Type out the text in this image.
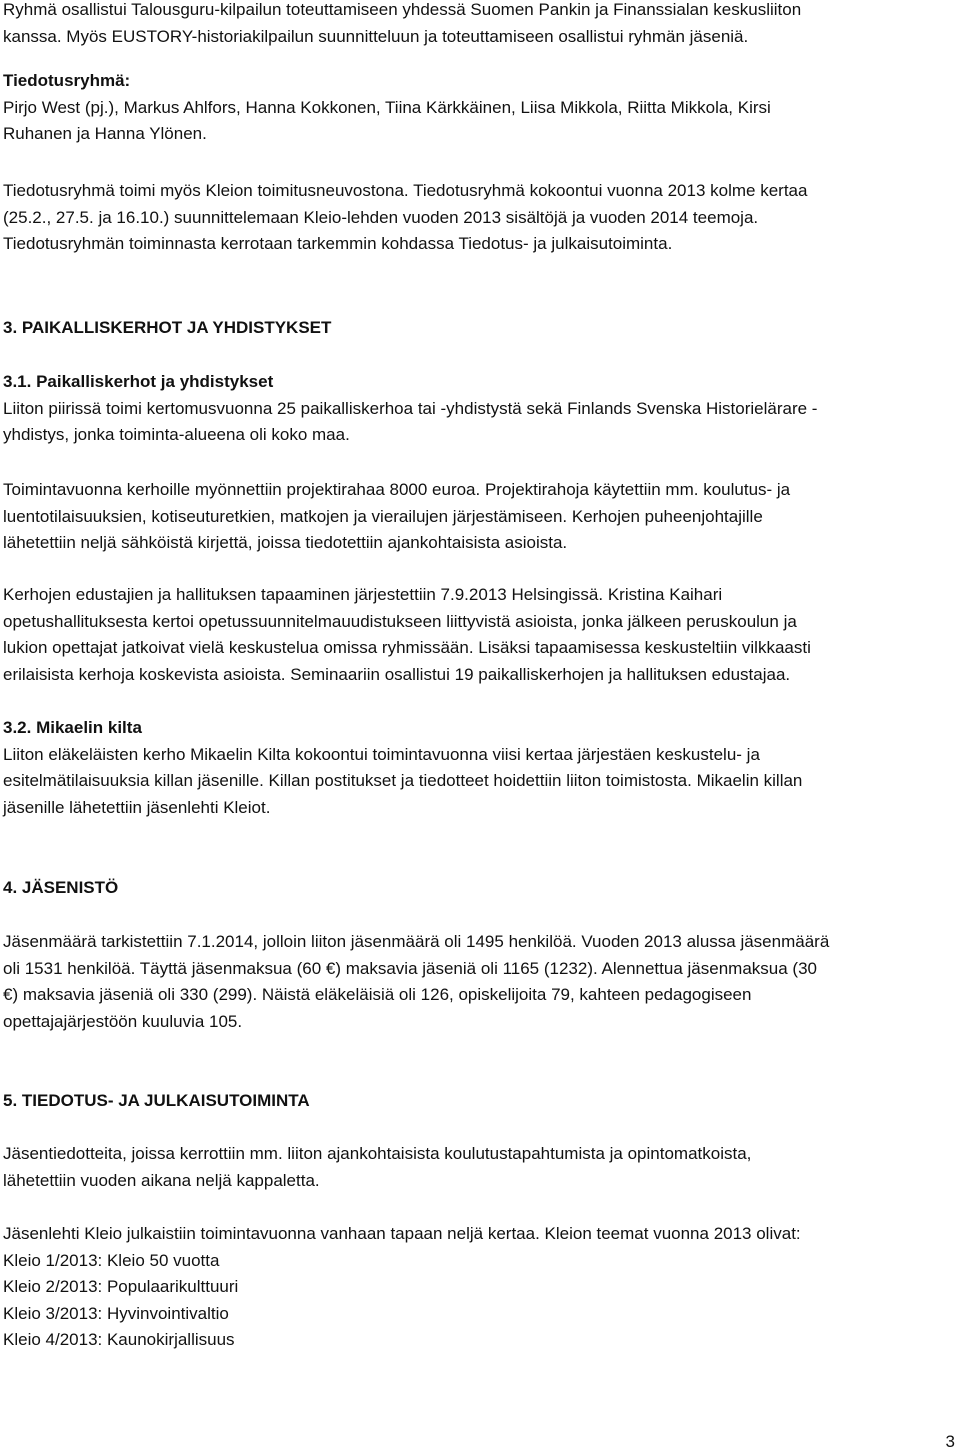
Ryhmä osallistui Talousguru-kilpailun toteuttamiseen yhdessä Suomen Pankin ja Finanssialan keskusliiton

kanssa. Myös EUSTORY-historiakilpailun suunnitteluun ja toteuttamiseen osallistui ryhmän jäseniä.

Tiedotusryhmä:

Pirjo West (pj.), Markus Ahlfors, Hanna Kokkonen, Tiina Kärkkäinen, Liisa Mikkola, Riitta Mikkola, Kirsi

Ruhanen ja Hanna Ylönen.

Tiedotusryhmä toimi myös Kleion toimitusneuvostona. Tiedotusryhmä kokoontui vuonna 2013 kolme kertaa

(25.2., 27.5. ja 16.10.) suunnittelemaan Kleio-lehden vuoden 2013 sisältöjä ja vuoden 2014 teemoja.

Tiedotusryhmän toiminnasta kerrotaan tarkemmin kohdassa Tiedotus- ja julkaisutoiminta.

3. PAIKALLISKERHOT JA YHDISTYKSET

3.1. Paikalliskerhot ja yhdistykset

Liiton piirissä toimi kertomusvuonna 25 paikalliskerhoa tai -yhdistystä sekä Finlands Svenska Historielärare -

yhdistys, jonka toiminta-alueena oli koko maa.

Toimintavuonna kerhoille myönnettiin projektirahaa 8000 euroa. Projektirahoja käytettiin mm. koulutus- ja

luentotilaisuuksien, kotiseuturetkien, matkojen ja vierailujen järjestämiseen. Kerhojen puheenjohtajille

lähetettiin neljä sähköistä kirjettä, joissa tiedotettiin ajankohtaisista asioista.

Kerhojen edustajien ja hallituksen tapaaminen järjestettiin 7.9.2013 Helsingissä. Kristina Kaihari

opetushallituksesta kertoi opetussuunnitelmauudistukseen liittyvistä asioista, jonka jälkeen peruskoulun ja

lukion opettajat jatkoivat vielä keskustelua omissa ryhmissään. Lisäksi tapaamisessa keskusteltiin vilkkaasti

erilaisista kerhoja koskevista asioista. Seminaariin osallistui 19 paikalliskerhojen ja hallituksen edustajaa.

3.2. Mikaelin kilta

Liiton eläkeläisten kerho Mikaelin Kilta kokoontui toimintavuonna viisi kertaa järjestäen keskustelu- ja

esitelmätilaisuuksia killan jäsenille. Killan postitukset ja tiedotteet hoidettiin liiton toimistosta. Mikaelin killan

jäsenille lähetettiin jäsenlehti Kleiot.

4. JÄSENISTÖ

Jäsenmäärä tarkistettiin 7.1.2014, jolloin liiton jäsenmäärä oli 1495 henkilöä. Vuoden 2013 alussa jäsenmäärä

oli 1531 henkilöä. Täyttä jäsenmaksua (60 €) maksavia jäseniä oli 1165 (1232). Alennettua jäsenmaksua (30

€) maksavia jäseniä oli 330 (299). Näistä eläkeläisiä oli 126, opiskelijoita 79, kahteen pedagogiseen

opettajajärjestöön kuuluvia 105.

5. TIEDOTUS- JA JULKAISUTOIMINTA

Jäsentiedotteita, joissa kerrottiin mm. liiton ajankohtaisista koulutustapahtumista ja opintomatkoista,

lähetettiin vuoden aikana neljä kappaletta.

Jäsenlehti Kleio julkaistiin toimintavuonna vanhaan tapaan neljä kertaa. Kleion teemat vuonna 2013 olivat:

Kleio 1/2013: Kleio 50 vuotta

Kleio 2/2013: Populaarikulttuuri

Kleio 3/2013: Hyvinvointivaltio

Kleio 4/2013: Kaunokirjallisuus

3
